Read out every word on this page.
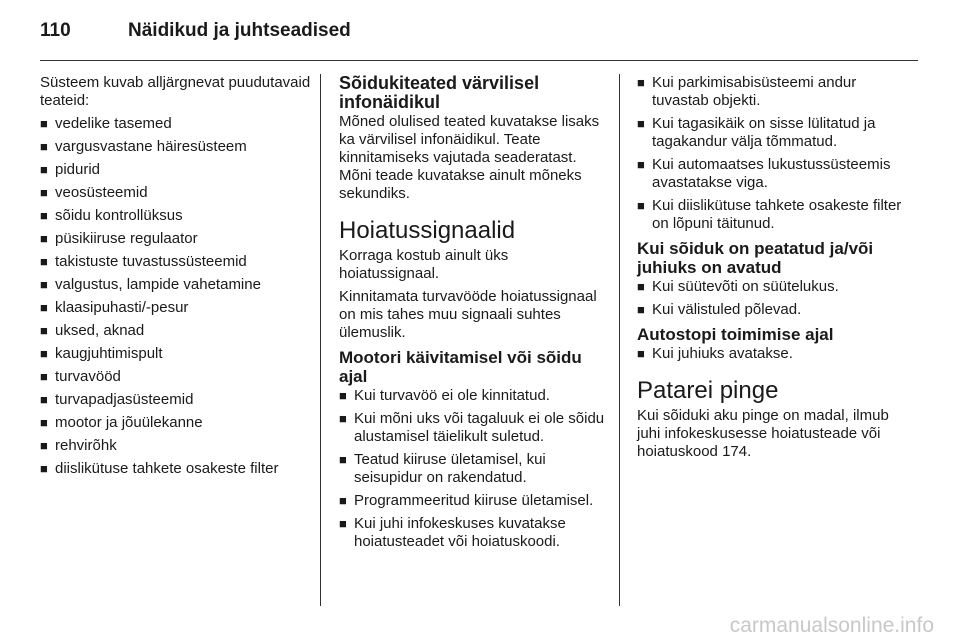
110	Näidikud ja juhtseadised

Süsteem kuvab alljärgnevat puudutavaid teateid:

■ vedelike tasemed
■ vargusvastane häiresüsteem
■ pidurid
■ veosüsteemid
■ sõidu kontrollüksus
■ püsikiiruse regulaator
■ takistuste tuvastussüsteemid
■ valgustus, lampide vahetamine
■ klaasipuhasti/-pesur
■ uksed, aknad
■ kaugjuhtimispult
■ turvavööd
■ turvapadjasüsteemid
■ mootor ja jõuülekanne
■ rehvirõhk
■ diislikütuse tahkete osakeste filter
Sõidukiteated värvilisel infonäidikul

Mõned olulised teated kuvatakse lisaks ka värvilisel infonäidikul. Teate kinnitamiseks vajutada seaderatast. Mõni teade kuvatakse ainult mõneks sekundiks.

Hoiatussignaalid

Korraga kostub ainult üks hoiatussignaal.

Kinnitamata turvavööde hoiatussignaal on mis tahes muu signaali suhtes ülemuslik.

Mootori käivitamisel või sõidu ajal
■ Kui turvavöö ei ole kinnitatud.
■ Kui mõni uks või tagaluuk ei ole sõidu alustamisel täielikult suletud.
■ Teatud kiiruse ületamisel, kui seisupidur on rakendatud.
■ Programmeeritud kiiruse ületamisel.
■ Kui juhi infokeskuses kuvatakse hoiatusteadet või hoiatuskoodi.
■ Kui parkimisabisüsteemi andur tuvastab objekti.
■ Kui tagasikäik on sisse lülitatud ja tagakandur välja tõmmatud.
■ Kui automaatses lukustussüsteemis avastatakse viga.
■ Kui diislikütuse tahkete osakeste filter on lõpuni täitunud.
Kui sõiduk on peatatud ja/või juhiuks on avatud
■ Kui süütevõti on süütelukus.
■ Kui välistuled põlevad.
Autostopi toimimise ajal
■ Kui juhiuks avatakse.
Patarei pinge

Kui sõiduki aku pinge on madal, ilmub juhi infokeskusesse hoiatusteade või hoiatuskood 174.

carmanualsonline.info
